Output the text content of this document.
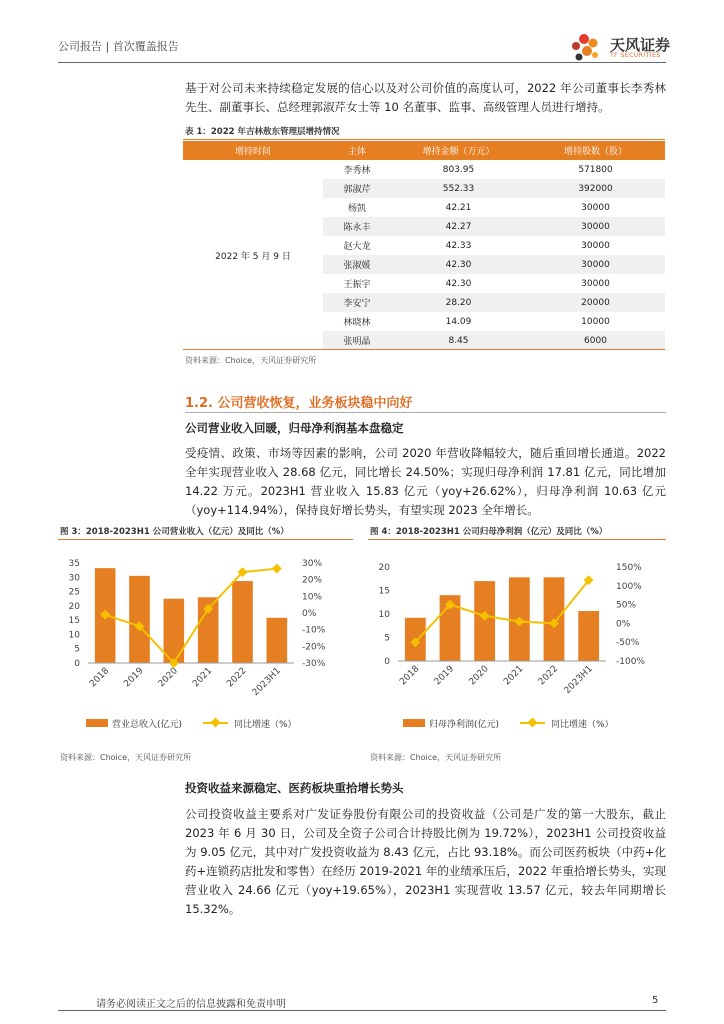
公司报告 | 首次覆盖报告	天风证券
TF SECURITIES
基于对公司未来持续稳定发展的信心以及对公司价值的高度认可，2022 年公司董事长李秀林先生、副董事长、总经理郭淑芹女士等 10 名董事、监事、高级管理人员进行增持。
表 1：2022 年吉林敖东管理层增持情况
增持时间	主体	增持金额（万元）	增持股数（股）
2022 年 5 月 9 日	李秀林	803.95	571800
	郭淑芹	552.33	392000
	杨凯	42.21	30000
	陈永丰	42.27	30000
	赵大龙	42.33	30000
	张淑媛	42.30	30000
	王振宇	42.30	30000
	李安宁	28.20	20000
	林晓林	14.09	10000
	张明晶	8.45	6000
资料来源：Choice，天风证券研究所
1.2. 公司营收恢复，业务板块稳中向好
公司营业收入回暖，归母净利润基本盘稳定
受疫情、政策、市场等因素的影响，公司 2020 年营收降幅较大，随后重回增长通道。2022 全年实现营业收入 28.68 亿元，同比增长 24.50%；实现归母净利润 17.81 亿元，同比增加 14.22 万元。2023H1 营业收入 15.83 亿元（yoy+26.62%），归母净利润 10.63 亿元（yoy+114.94%），保持良好增长势头，有望实现 2023 全年增长。
图 3：2018-2023H1 公司营业收入（亿元）及同比（%）
35
30
25
20
15
10
5
0
30%
20%
10%
0%
-10%
-20%
-30%
2018 2019 2020 2021 2022 2023H1
营业总收入(亿元)	同比增速（%）
资料来源：Choice，天风证券研究所
图 4：2018-2023H1 公司归母净利润（亿元）及同比（%）
20
15
10
5
0
150%
100%
50%
0%
-50%
-100%
2018 2019 2020 2021 2022 2023H1
归母净利润(亿元)	同比增速（%）
资料来源：Choice，天风证券研究所
投资收益来源稳定、医药板块重拾增长势头
公司投资收益主要系对广发证券股份有限公司的投资收益（公司是广发的第一大股东，截止 2023 年 6 月 30 日，公司及全资子公司合计持股比例为 19.72%），2023H1 公司投资收益为 9.05 亿元，其中对广发投资收益为 8.43 亿元，占比 93.18%。而公司医药板块（中药+化药+连锁药店批发和零售）在经历 2019-2021 年的业绩承压后，2022 年重拾增长势头，实现营业收入 24.66 亿元（yoy+19.65%），2023H1 实现营收 13.57 亿元，较去年同期增长 15.32%。
请务必阅读正文之后的信息披露和免责申明	5
